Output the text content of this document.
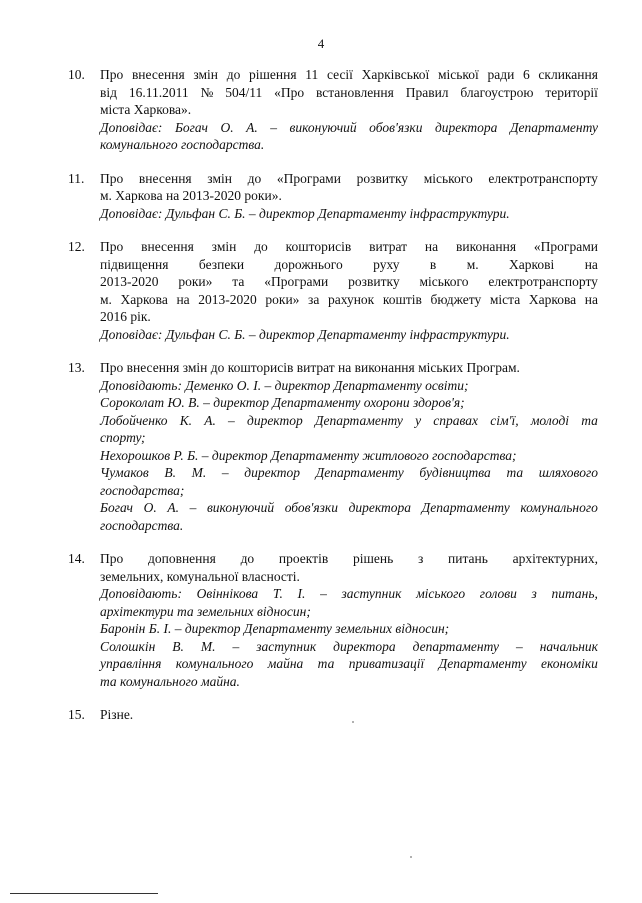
4
10. Про внесення змін до рішення 11 сесії Харківської міської ради 6 скликання
від 16.11.2011 № 504/11 «Про встановлення Правил благоустрою території
міста Харкова».
Доповідає: Богач О. А. – виконуючий обов'язки директора Департаменту
комунального господарства.
11. Про внесення змін до «Програми розвитку міського електротранспорту
м. Харкова на 2013-2020 роки».
Доповідає: Дульфан С. Б. – директор Департаменту інфраструктури.
12. Про внесення змін до кошторисів витрат на виконання «Програми
підвищення безпеки дорожнього руху в м. Харкові на
2013-2020 роки» та «Програми розвитку міського електротранспорту
м. Харкова на 2013-2020 роки» за рахунок коштів бюджету міста Харкова на
2016 рік.
Доповідає: Дульфан С. Б. – директор Департаменту інфраструктури.
13. Про внесення змін до кошторисів витрат на виконання міських Програм.
Доповідають: Деменко О. І. – директор Департаменту освіти;
Сороколат Ю. В. – директор Департаменту охорони здоров'я;
Лобойченко К. А. – директор Департаменту у справах сім'ї, молоді та
спорту;
Нехорошков Р. Б. – директор Департаменту житлового господарства;
Чумаков В. М. – директор Департаменту будівництва та шляхового
господарства;
Богач О. А. – виконуючий обов'язки директора Департаменту комунального
господарства.
14. Про доповнення до проектів рішень з питань архітектурних,
земельних, комунальної власності.
Доповідають: Овіннікова Т. І. – заступник міського голови з питань,
архітектури та земельних відносин;
Баронін Б. І. – директор Департаменту земельних відносин;
Солошкін В. М. – заступник директора департаменту – начальник
управління комунального майна та приватизації Департаменту економіки
та комунального майна.
15. Різне.
